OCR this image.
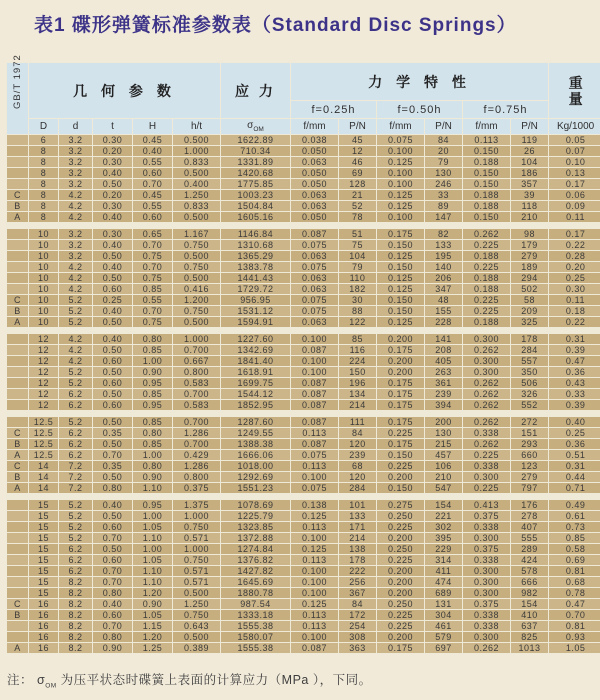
表1 碟形弹簧标准参数表（Standard Disc Springs）
GB/T 1972	几 何 参 数					应 力	力 学 特 性						重
量

							f=0.25h		f=0.50h		f=0.75h		
	D	d	t	H	h/t	$\sigma_{OM}$	f/mm	P/N	f/mm	P/N	f/mm	P/N	Kg/1000
	6	3.2	0.30	0.45	0.500	1622.89	0.038	45	0.075	84	0.113	119	0.05
	8	3.2	0.20	0.40	1.000	710.34	0.050	12	0.100	20	0.150	26	0.07
	8	3.2	0.30	0.55	0.833	1331.89	0.063	46	0.125	79	0.188	104	0.10
	8	3.2	0.40	0.60	0.500	1420.68	0.050	69	0.100	130	0.150	186	0.13
	8	3.2	0.50	0.70	0.400	1775.85	0.050	128	0.100	246	0.150	357	0.17
C	8	4.2	0.20	0.45	1.250	1003.23	0.063	21	0.125	33	0.188	39	0.06
B	8	4.2	0.30	0.55	0.833	1504.84	0.063	52	0.125	89	0.188	118	0.09
A	8	4.2	0.40	0.60	0.500	1605.16	0.050	78	0.100	147	0.150	210	0.11

	10	3.2	0.30	0.65	1.167	1146.84	0.087	51	0.175	82	0.262	98	0.17
	10	3.2	0.40	0.70	0.750	1310.68	0.075	75	0.150	133	0.225	179	0.22
	10	3.2	0.50	0.75	0.500	1365.29	0.063	104	0.125	195	0.188	279	0.28
	10	4.2	0.40	0.70	0.750	1383.78	0.075	79	0.150	140	0.225	189	0.20
	10	4.2	0.50	0.75	0.500	1441.43	0.063	110	0.125	206	0.188	294	0.25
	10	4.2	0.60	0.85	0.416	1729.72	0.063	182	0.125	347	0.188	502	0.30
C	10	5.2	0.25	0.55	1.200	956.95	0.075	30	0.150	48	0.225	58	0.11
B	10	5.2	0.40	0.70	0.750	1531.12	0.075	88	0.150	155	0.225	209	0.18
A	10	5.2	0.50	0.75	0.500	1594.91	0.063	122	0.125	228	0.188	325	0.22

	12	4.2	0.40	0.80	1.000	1227.60	0.100	85	0.200	141	0.300	178	0.31
	12	4.2	0.50	0.85	0.700	1342.69	0.087	116	0.175	208	0.262	284	0.39
	12	4.2	0.60	1.00	0.667	1841.40	0.100	224	0.200	405	0.300	557	0.47
	12	5.2	0.50	0.90	0.800	1618.91	0.100	150	0.200	263	0.300	350	0.36
	12	5.2	0.60	0.95	0.583	1699.75	0.087	196	0.175	361	0.262	506	0.43
	12	6.2	0.50	0.85	0.700	1544.12	0.087	134	0.175	239	0.262	326	0.33
	12	6.2	0.60	0.95	0.583	1852.95	0.087	214	0.175	394	0.262	552	0.39

	12.5	5.2	0.50	0.85	0.700	1287.60	0.087	111	0.175	200	0.262	272	0.40
C	12.5	6.2	0.35	0.80	1.286	1249.55	0.113	84	0.225	130	0.338	151	0.25
B	12.5	6.2	0.50	0.85	0.700	1388.38	0.087	120	0.175	215	0.262	293	0.36
A	12.5	6.2	0.70	1.00	0.429	1666.06	0.075	239	0.150	457	0.225	660	0.51
C	14	7.2	0.35	0.80	1.286	1018.00	0.113	68	0.225	106	0.338	123	0.31
B	14	7.2	0.50	0.90	0.800	1292.69	0.100	120	0.200	210	0.300	279	0.44
A	14	7.2	0.80	1.10	0.375	1551.23	0.075	284	0.150	547	0.225	797	0.71

	15	5.2	0.40	0.95	1.375	1078.69	0.138	101	0.275	154	0.413	176	0.49
	15	5.2	0.50	1.00	1.000	1225.79	0.125	133	0.250	221	0.375	278	0.61
	15	5.2	0.60	1.05	0.750	1323.85	0.113	171	0.225	302	0.338	407	0.73
	15	5.2	0.70	1.10	0.571	1372.88	0.100	214	0.200	395	0.300	555	0.85
	15	6.2	0.50	1.00	1.000	1274.84	0.125	138	0.250	229	0.375	289	0.58
	15	6.2	0.60	1.05	0.750	1376.82	0.113	178	0.225	314	0.338	424	0.69
	15	6.2	0.70	1.10	0.571	1427.82	0.100	222	0.200	411	0.300	578	0.81
	15	8.2	0.70	1.10	0.571	1645.69	0.100	256	0.200	474	0.300	666	0.68
	15	8.2	0.80	1.20	0.500	1880.78	0.100	367	0.200	689	0.300	982	0.78
C	16	8.2	0.40	0.90	1.250	987.54	0.125	84	0.250	131	0.375	154	0.47
B	16	8.2	0.60	1.05	0.750	1333.18	0.113	172	0.225	304	0.338	410	0.70
	16	8.2	0.70	1.15	0.643	1555.38	0.113	254	0.225	461	0.338	637	0.81
	16	8.2	0.80	1.20	0.500	1580.07	0.100	308	0.200	579	0.300	825	0.93
A	16	8.2	0.90	1.25	0.389	1555.38	0.087	363	0.175	697	0.262	1013	1.05
注： $\sigma_{OM}$ 为压平状态时碟簧上表面的计算应力（MPa ），下同。
